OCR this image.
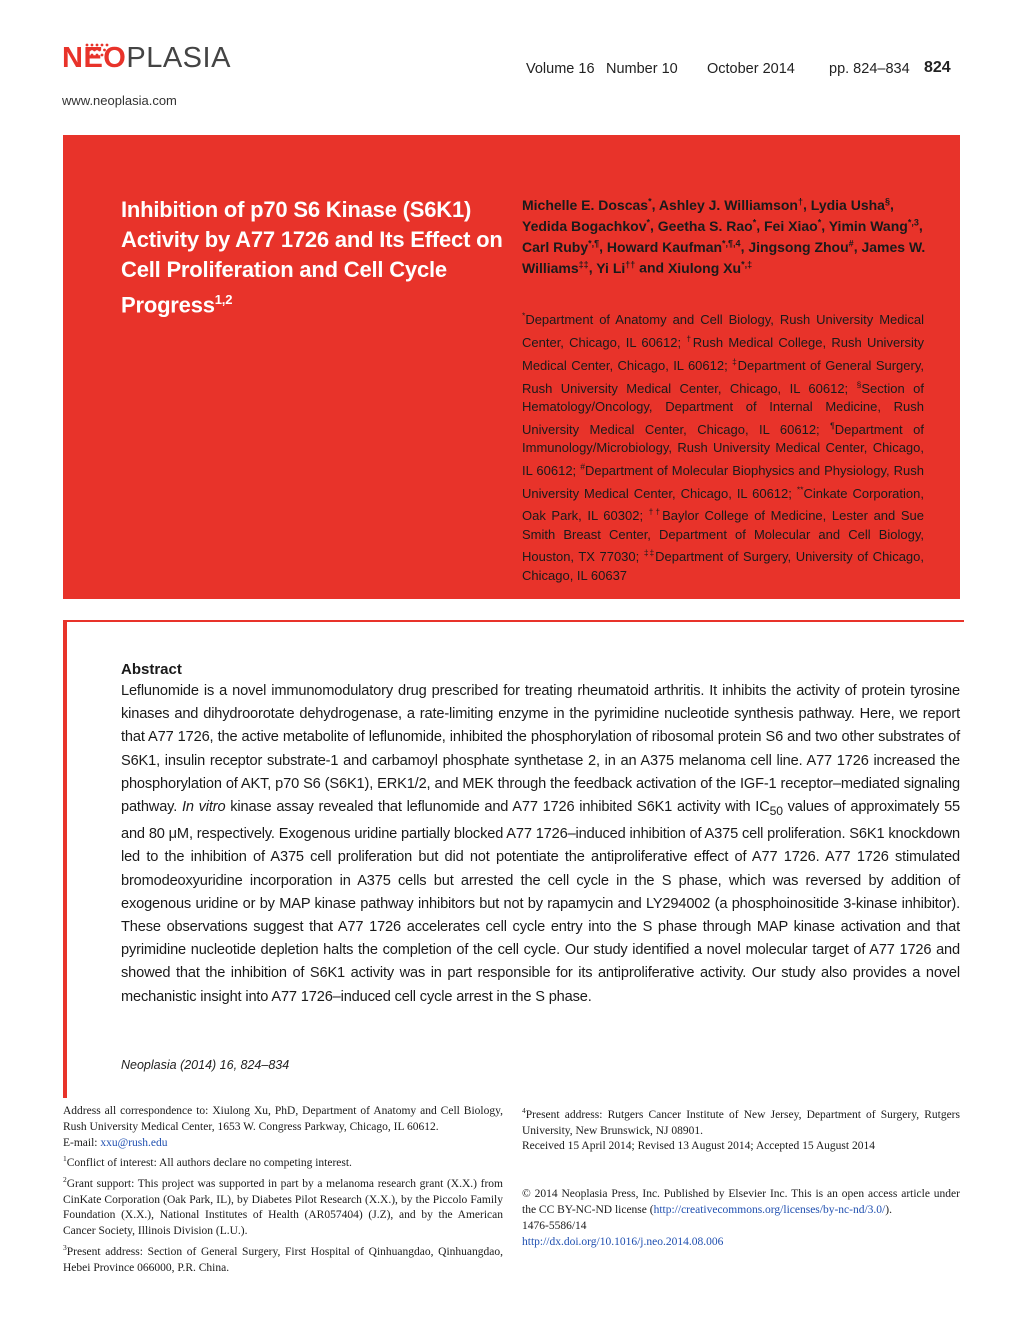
NEOPLASIA
www.neoplasia.com
Volume 16 Number 10 October 2014 pp. 824–834 824
Inhibition of p70 S6 Kinase (S6K1) Activity by A77 1726 and Its Effect on Cell Proliferation and Cell Cycle Progress$^{1,2}$
Michelle E. Doscas*, Ashley J. Williamson†, Lydia Usha§, Yedida Bogachkov*, Geetha S. Rao*, Fei Xiao*, Yimin Wang$^{*,3}$, Carl Ruby*,¶, Howard Kaufman$^{*,\P,4}$, Jingsong Zhou#, James W. Williams‡‡, Yi Li†† and Xiulong Xu*,‡
*Department of Anatomy and Cell Biology, Rush University Medical Center, Chicago, IL 60612; †Rush Medical College, Rush University Medical Center, Chicago, IL 60612; ‡Department of General Surgery, Rush University Medical Center, Chicago, IL 60612; §Section of Hematology/Oncology, Department of Internal Medicine, Rush University Medical Center, Chicago, IL 60612; ¶Department of Immunology/Microbiology, Rush University Medical Center, Chicago, IL 60612; #Department of Molecular Biophysics and Physiology, Rush University Medical Center, Chicago, IL 60612; **Cinkate Corporation, Oak Park, IL 60302; ††Baylor College of Medicine, Lester and Sue Smith Breast Center, Department of Molecular and Cell Biology, Houston, TX 77030; ‡‡Department of Surgery, University of Chicago, Chicago, IL 60637
Abstract

Leflunomide is a novel immunomodulatory drug prescribed for treating rheumatoid arthritis. It inhibits the activity of protein tyrosine kinases and dihydroorotate dehydrogenase, a rate-limiting enzyme in the pyrimidine nucleotide synthesis pathway. Here, we report that A77 1726, the active metabolite of leflunomide, inhibited the phosphorylation of ribosomal protein S6 and two other substrates of S6K1, insulin receptor substrate-1 and carbamoyl phosphate synthetase 2, in an A375 melanoma cell line. A77 1726 increased the phosphorylation of AKT, p70 S6 (S6K1), ERK1/2, and MEK through the feedback activation of the IGF-1 receptor–mediated signaling pathway. In vitro kinase assay revealed that leflunomide and A77 1726 inhibited S6K1 activity with $IC_{50}$ values of approximately 55 and 80 μM, respectively. Exogenous uridine partially blocked A77 1726–induced inhibition of A375 cell proliferation. S6K1 knockdown led to the inhibition of A375 cell proliferation but did not potentiate the antiproliferative effect of A77 1726. A77 1726 stimulated bromodeoxyuridine incorporation in A375 cells but arrested the cell cycle in the S phase, which was reversed by addition of exogenous uridine or by MAP kinase pathway inhibitors but not by rapamycin and LY294002 (a phosphoinositide 3-kinase inhibitor). These observations suggest that A77 1726 accelerates cell cycle entry into the S phase through MAP kinase activation and that pyrimidine nucleotide depletion halts the completion of the cell cycle. Our study identified a novel molecular target of A77 1726 and showed that the inhibition of S6K1 activity was in part responsible for its antiproliferative activity. Our study also provides a novel mechanistic insight into A77 1726–induced cell cycle arrest in the S phase.

Neoplasia (2014) 16, 824–834

Address all correspondence to: Xiulong Xu, PhD, Department of Anatomy and Cell Biology, Rush University Medical Center, 1653 W. Congress Parkway, Chicago, IL 60612.
E-mail: xxu@rush.edu

$^1$Conflict of interest: All authors declare no competing interest.

$^2$Grant support: This project was supported in part by a melanoma research grant (X.X.) from CinKate Corporation (Oak Park, IL), by Diabetes Pilot Research (X.X.), by the Piccolo Family Foundation (X.X.), National Institutes of Health (AR057404) (J.Z), and by the American Cancer Society, Illinois Division (L.U.).

$^3$Present address: Section of General Surgery, First Hospital of Qinhuangdao, Qinhuangdao, Hebei Province 066000, P.R. China.

$^4$Present address: Rutgers Cancer Institute of New Jersey, Department of Surgery, Rutgers University, New Brunswick, NJ 08901.

Received 15 April 2014; Revised 13 August 2014; Accepted 15 August 2014

© 2014 Neoplasia Press, Inc. Published by Elsevier Inc. This is an open access article under the CC BY-NC-ND license (http://creativecommons.org/licenses/by-nc-nd/3.0/).

1476-5586/14

http://dx.doi.org/10.1016/j.neo.2014.08.006
